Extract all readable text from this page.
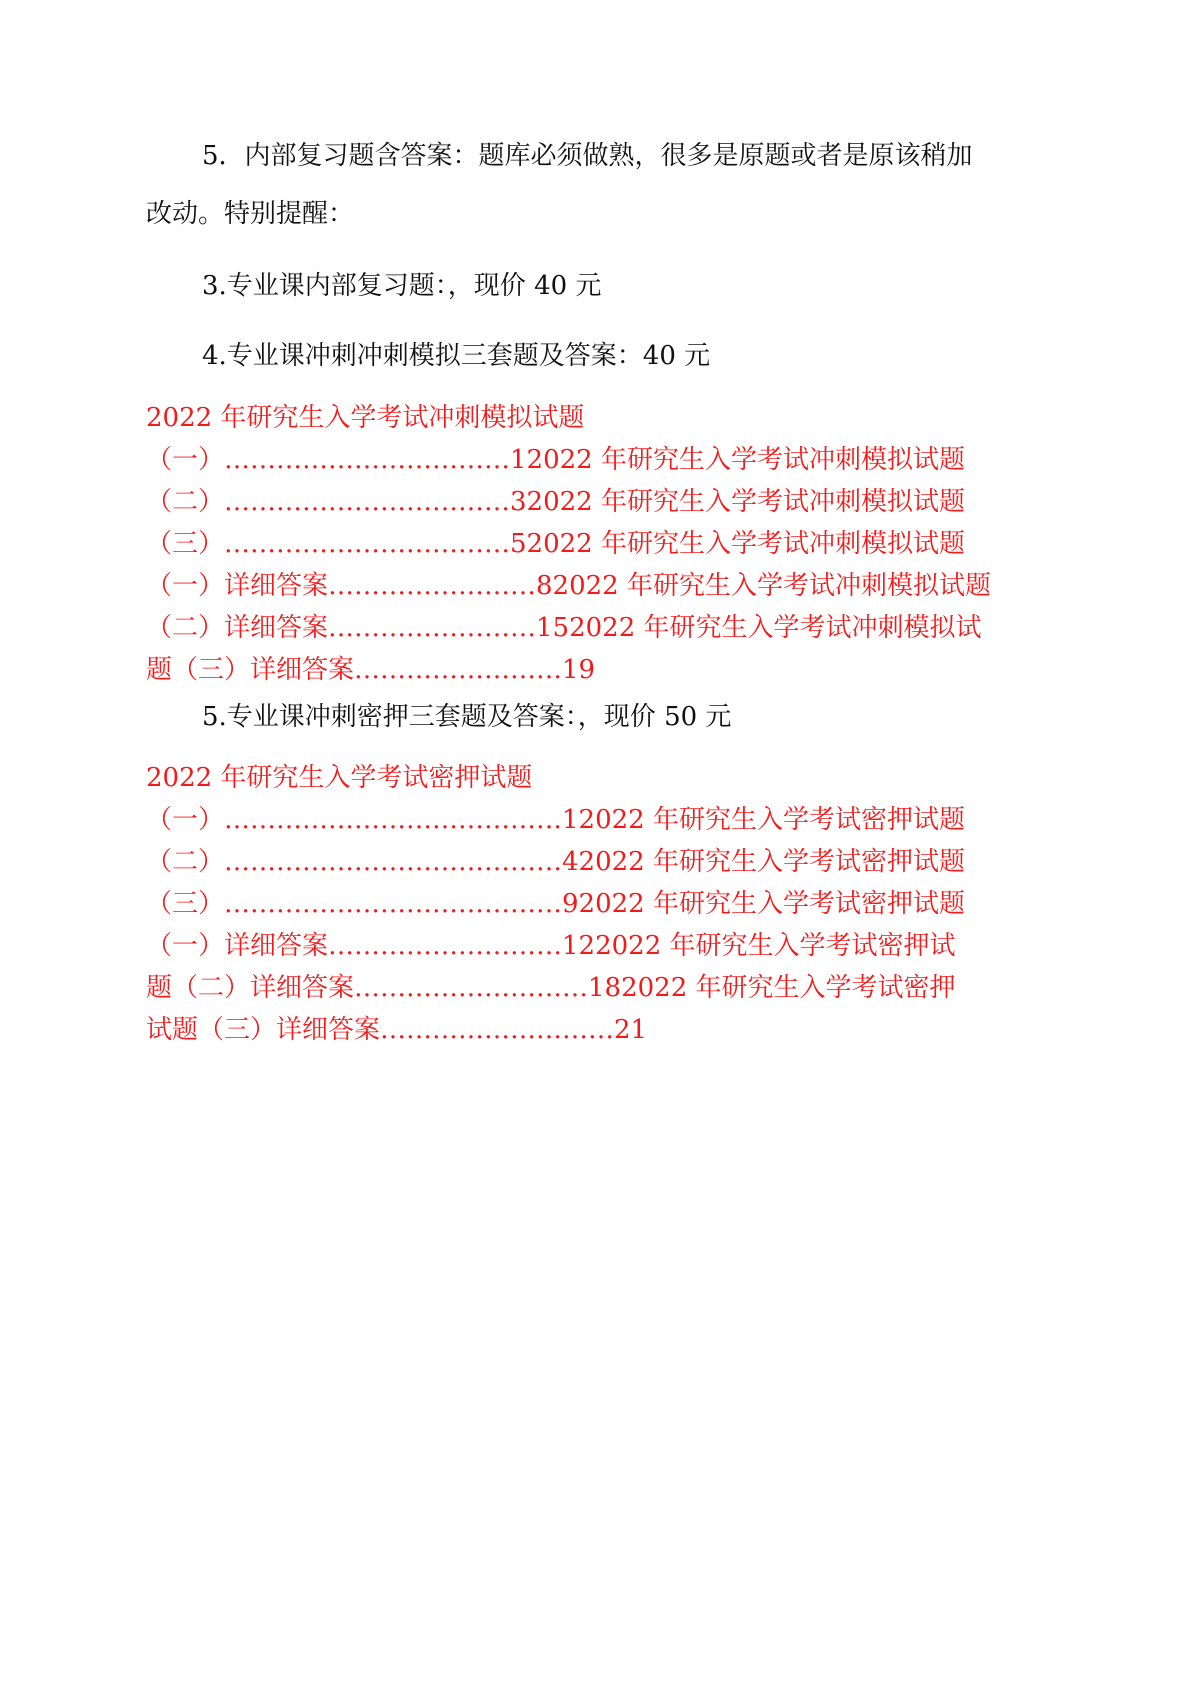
5．内部复习题含答案：题库必须做熟，很多是原题或者是原该稍加

改动。特别提醒：

3.专业课内部复习题：，现价 40 元

4.专业课冲刺冲刺模拟三套题及答案：40 元

2022 年研究生入学考试冲刺模拟试题
（一）……………………………12022 年研究生入学考试冲刺模拟试题
（二）……………………………32022 年研究生入学考试冲刺模拟试题
（三）……………………………52022 年研究生入学考试冲刺模拟试题
（一）详细答案……………………82022 年研究生入学考试冲刺模拟试题
（二）详细答案……………………152022 年研究生入学考试冲刺模拟试
题（三）详细答案……………………19

5.专业课冲刺密押三套题及答案：，现价 50 元

2022 年研究生入学考试密押试题
（一）…………………………………12022 年研究生入学考试密押试题
（二）…………………………………42022 年研究生入学考试密押试题
（三）…………………………………92022 年研究生入学考试密押试题
（一）详细答案………………………122022 年研究生入学考试密押试
题（二）详细答案………………………182022 年研究生入学考试密押
试题（三）详细答案………………………21
